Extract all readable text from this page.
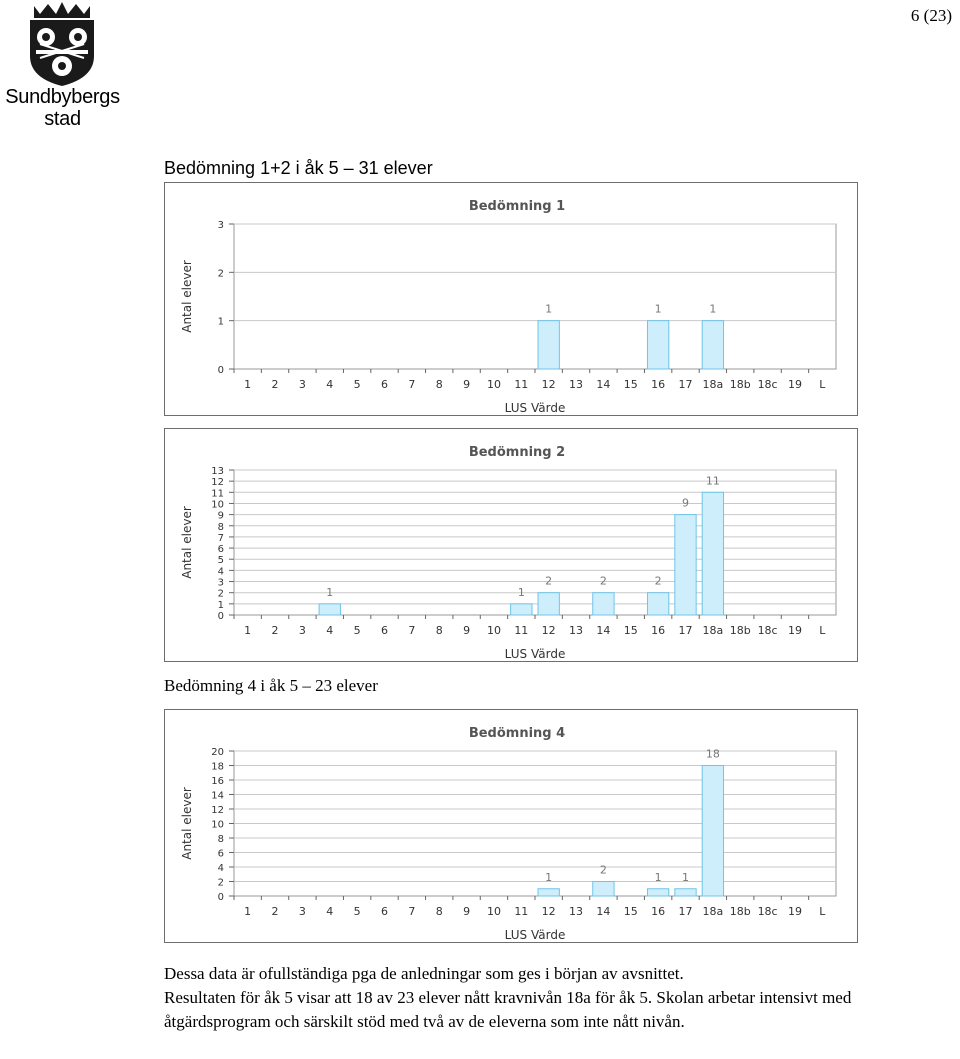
Sundbybergs
stad
6 (23)
Bedömning 1+2 i åk 5 – 31 elever
Bedömning 1
0
1
2
3
1 2 3 4 5 6 7 8 9 10 11 12
1
13 14 15 16
1
17 18a
1
18b 18c 19 L
LUS Värde
Antal elever
Bedömning 2
0
1
2
3
4
5
6
7
8
9
10
11
12
13
1 2 3 4
1
5 6 7 8 9 10 11
1
12
2
13 14
2
15 16
2
17
9
18a
11
18b 18c 19 L
LUS Värde
Antal elever
Bedömning 4 i åk 5 – 23 elever
Bedömning 4
0
2
4
6
8
10
12
14
16
18
20
1 2 3 4 5 6 7 8 9 10 11 12
1
13 14
2
15 16
1
17
1
18a
18
18b 18c 19 L
LUS Värde
Antal elever

Dessa data är ofullständiga pga de anledningar som ges i början av avsnittet.

Resultaten för åk 5 visar att 18 av 23 elever nått kravnivån 18a för åk 5. Skolan arbetar intensivt med åtgärdsprogram och särskilt stöd med två av de eleverna som inte nått nivån.
